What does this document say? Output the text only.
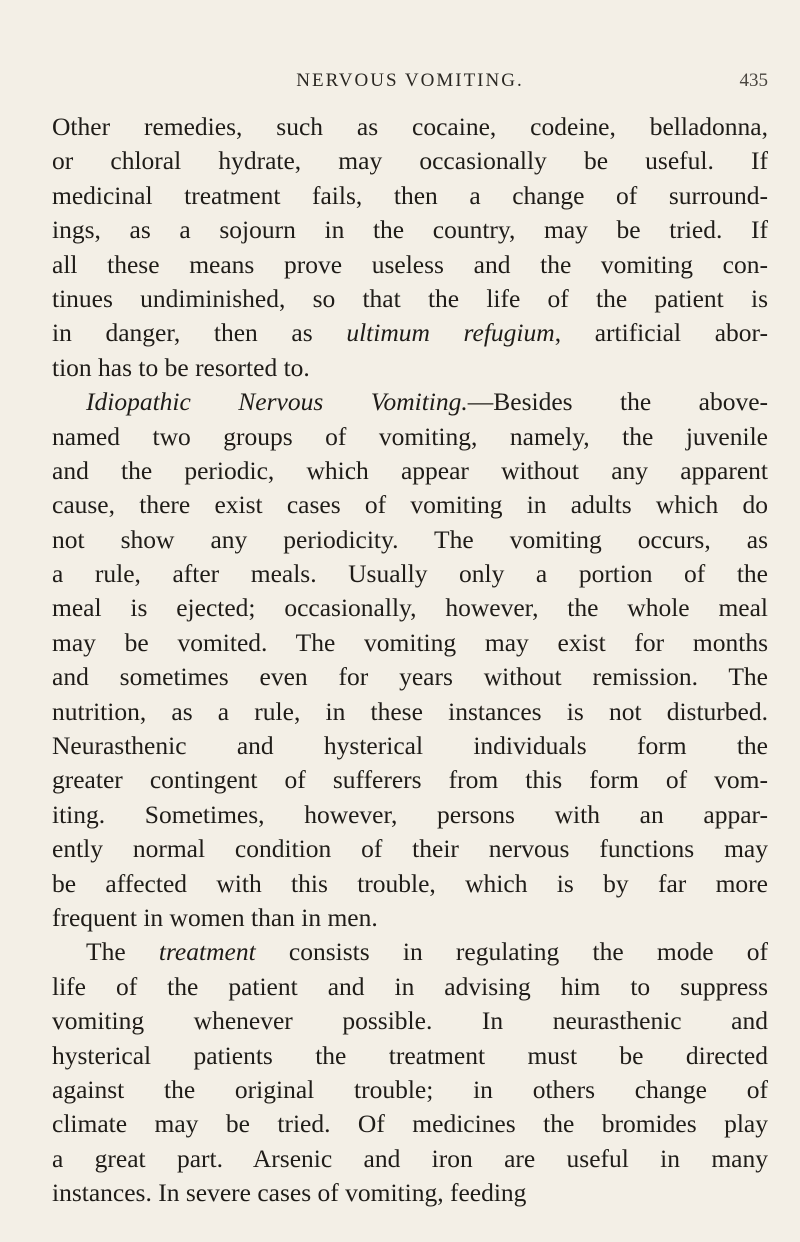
NERVOUS VOMITING.	435
Other remedies, such as cocaine, codeine, belladonna,
or chloral hydrate, may occasionally be useful. If
medicinal treatment fails, then a change of surround-
ings, as a sojourn in the country, may be tried. If
all these means prove useless and the vomiting con-
tinues undiminished, so that the life of the patient is
in danger, then as ultimum refugium, artificial abor-
tion has to be resorted to.
Idiopathic Nervous Vomiting.—Besides the above-
named two groups of vomiting, namely, the juvenile
and the periodic, which appear without any apparent
cause, there exist cases of vomiting in adults which do
not show any periodicity. The vomiting occurs, as
a rule, after meals. Usually only a portion of the
meal is ejected; occasionally, however, the whole meal
may be vomited. The vomiting may exist for months
and sometimes even for years without remission. The
nutrition, as a rule, in these instances is not disturbed.
Neurasthenic and hysterical individuals form the
greater contingent of sufferers from this form of vom-
iting. Sometimes, however, persons with an appar-
ently normal condition of their nervous functions may
be affected with this trouble, which is by far more
frequent in women than in men.
The treatment consists in regulating the mode of
life of the patient and in advising him to suppress
vomiting whenever possible. In neurasthenic and
hysterical patients the treatment must be directed
against the original trouble; in others change of
climate may be tried. Of medicines the bromides play
a great part. Arsenic and iron are useful in many
instances. In severe cases of vomiting, feeding
